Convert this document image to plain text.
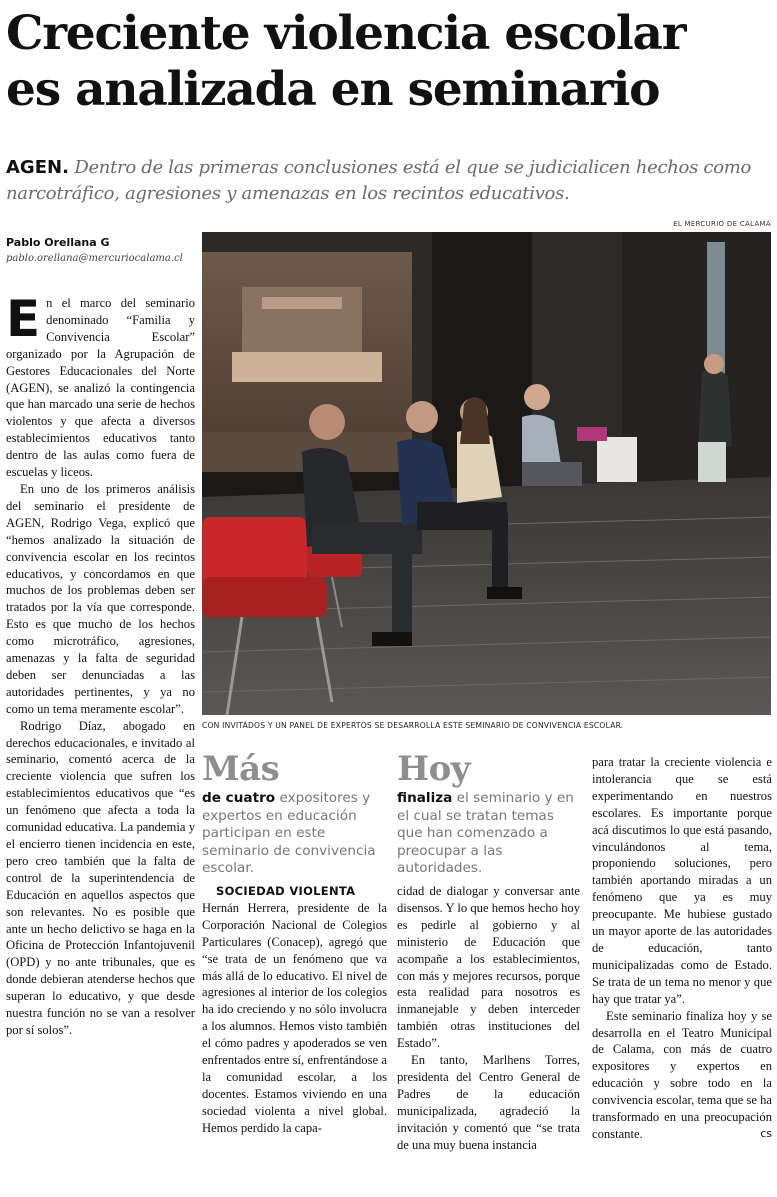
Creciente violencia escolar
es analizada en seminario

AGEN. Dentro de las primeras conclusiones está el que se judicialicen hechos como narcotráfico, agresiones y amenazas en los recintos educativos.

EL MERCURIO DE CALAMA
Pablo Orellana G
pablo.orellana@mercuriocalama.cl

CON INVITADOS Y UN PANEL DE EXPERTOS SE DESARROLLA ESTE SEMINARIO DE CONVIVENCIA ESCOLAR.

En el marco del seminario denominado “Familia y Convivencia Escolar” organizado por la Agrupación de Gestores Educacionales del Norte (AGEN), se analizó la contingencia que han marcado una serie de hechos violentos y que afecta a diversos establecimientos educativos tanto dentro de las aulas como fuera de escuelas y liceos.

En uno de los primeros análisis del seminario el presidente de AGEN, Rodrigo Vega, explicó que “hemos analizado la situación de convivencia escolar en los recintos educativos, y concordamos en que muchos de los problemas deben ser tratados por la vía que corresponde. Esto es que mucho de los hechos como microtráfico, agresiones, amenazas y la falta de seguridad deben ser denunciadas a las autoridades pertinentes, y ya no como un tema meramente escolar”.

Rodrigo Díaz, abogado en derechos educacionales, e invitado al seminario, comentó acerca de la creciente violencia que sufren los establecimientos educativos que “es un fenómeno que afecta a toda la comunidad educativa. La pandemia y el encierro tienen incidencia en este, pero creo también que la falta de control de la superintendencia de Educación en aquellos aspectos que son relevantes. No es posible que ante un hecho delictivo se haga en la Oficina de Protección Infantojuvenil (OPD) y no ante tribunales, que es donde debieran atenderse hechos que superan lo educativo, y que desde nuestra función no se van a resolver por sí solos”.

Más
de cuatro expositores y expertos en educación participan en este seminario de convivencia escolar.
Hoy
finaliza el seminario y en el cual se tratan temas que han comenzado a preocupar a las autoridades.

SOCIEDAD VIOLENTA

Hernán Herrera, presidente de la Corporación Nacional de Colegios Particulares (Conacep), agregó que “se trata de un fenómeno que va más allá de lo educativo. El nivel de agresiones al interior de los colegios ha ido creciendo y no sólo involucra a los alumnos. Hemos visto también el cómo padres y apoderados se ven enfrentados entre sí, enfrentándose a la comunidad escolar, a los docentes. Estamos viviendo en una sociedad violenta a nivel global. Hemos perdido la capa-

cidad de dialogar y conversar ante disensos. Y lo que hemos hecho hoy es pedirle al gobierno y al ministerio de Educación que acompañe a los establecimientos, con más y mejores recursos, porque esta realidad para nosotros es inmanejable y deben interceder también otras instituciones del Estado”.

En tanto, Marlhens Torres, presidenta del Centro General de Padres de la educación municipalizada, agradeció la invitación y comentó que “se trata de una muy buena instancia

para tratar la creciente violencia e intolerancia que se está experimentando en nuestros escolares. Es importante porque acá discutimos lo que está pasando, vinculándonos al tema, proponiendo soluciones, pero también aportando miradas a un fenómeno que ya es muy preocupante. Me hubiese gustado un mayor aporte de las autoridades de educación, tanto municipalizadas como de Estado. Se trata de un tema no menor y que hay que tratar ya”.

Este seminario finaliza hoy y se desarrolla en el Teatro Municipal de Calama, con más de cuatro expositores y expertos en educación y sobre todo en la convivencia escolar, tema que se ha transformado en una preocupación constante.	cs
